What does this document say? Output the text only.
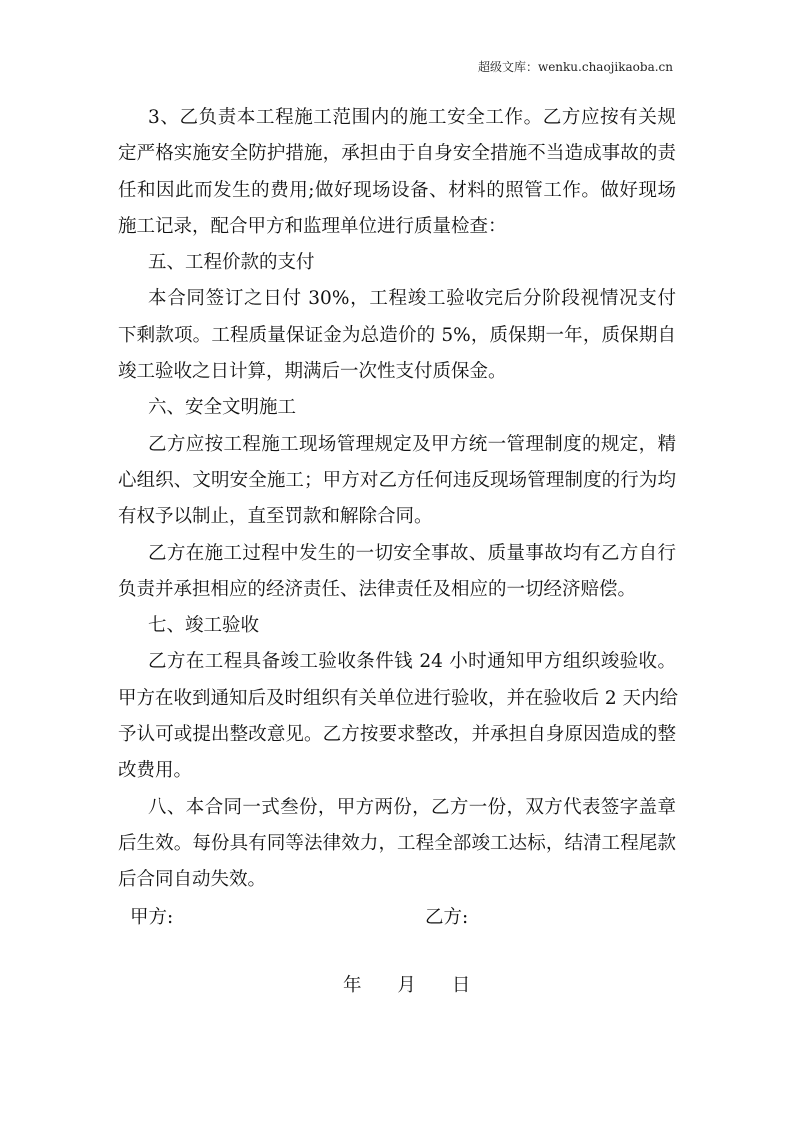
超级文库：wenku.chaojikaoba.cn
3、乙负责本工程施工范围内的施工安全工作。乙方应按有关规
定严格实施安全防护措施，承担由于自身安全措施不当造成事故的责
任和因此而发生的费用;做好现场设备、材料的照管工作。做好现场
施工记录，配合甲方和监理单位进行质量检查：
五、工程价款的支付
本合同签订之日付 30%，工程竣工验收完后分阶段视情况支付
下剩款项。工程质量保证金为总造价的 5%，质保期一年，质保期自
竣工验收之日计算，期满后一次性支付质保金。
六、安全文明施工
乙方应按工程施工现场管理规定及甲方统一管理制度的规定，精
心组织、文明安全施工；甲方对乙方任何违反现场管理制度的行为均
有权予以制止，直至罚款和解除合同。
乙方在施工过程中发生的一切安全事故、质量事故均有乙方自行
负责并承担相应的经济责任、法律责任及相应的一切经济赔偿。
七、竣工验收
乙方在工程具备竣工验收条件钱 24 小时通知甲方组织竣验收。
甲方在收到通知后及时组织有关单位进行验收，并在验收后 2 天内给
予认可或提出整改意见。乙方按要求整改，并承担自身原因造成的整
改费用。
八、本合同一式叁份，甲方两份，乙方一份，双方代表签字盖章
后生效。每份具有同等法律效力，工程全部竣工达标，结清工程尾款
后合同自动失效。
甲方:	乙方:
年 月 日
